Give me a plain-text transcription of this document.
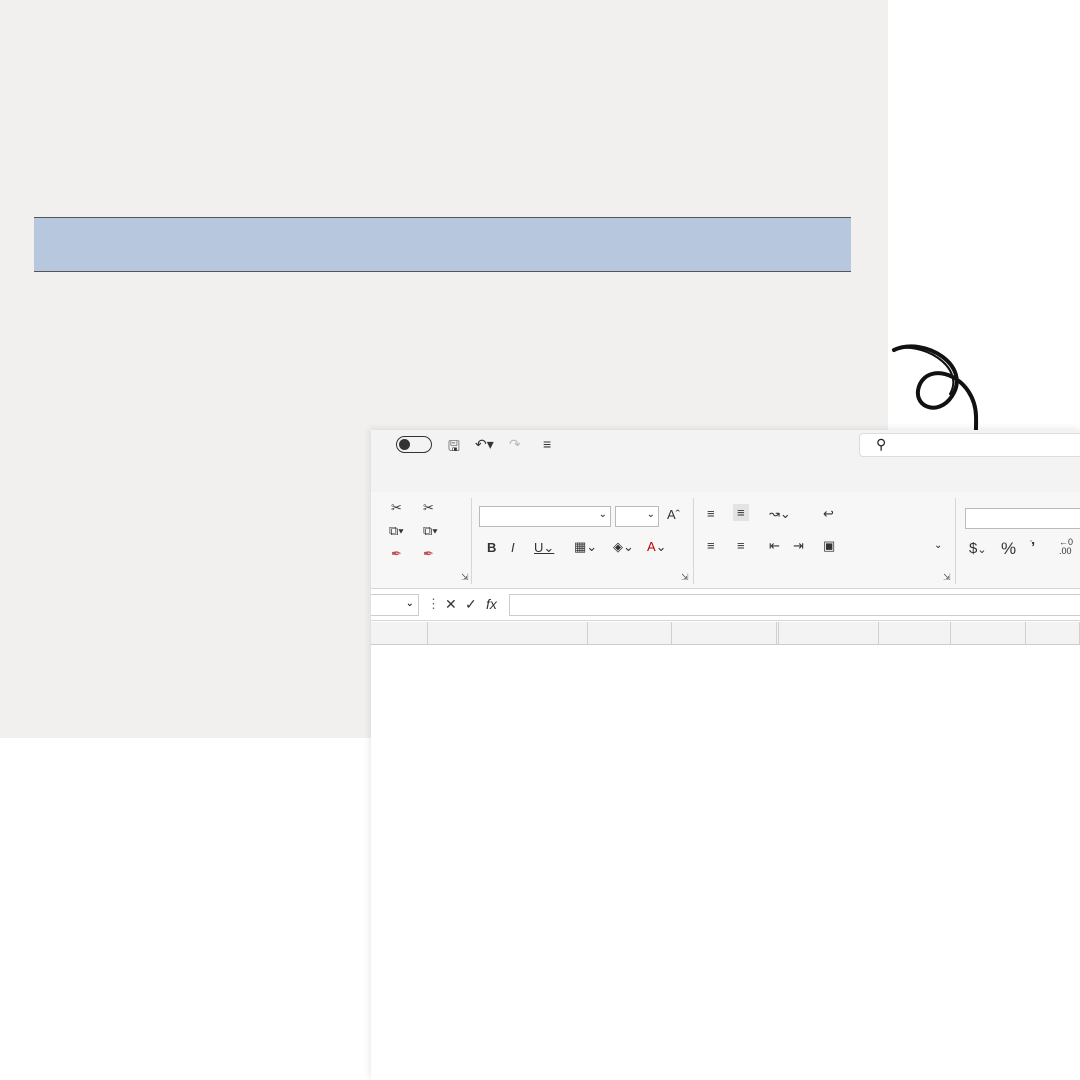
🖫 ↶▾ ↷ ≡	⚲
✂ ✂
⧉▾ ⧉▾
✒ ✒
⇲
⌄	⌄ Aˆ
B I U⌄ ▦⌄ ◈⌄ A⌄
⇲
≡	≡	↝⌄
≡ ≡ ⇤ ⇥
↩
▣	⌄
⇲
$⌄ % ֹ’	←0
.00
⌄ ⋮ ✕ ✓ fx
